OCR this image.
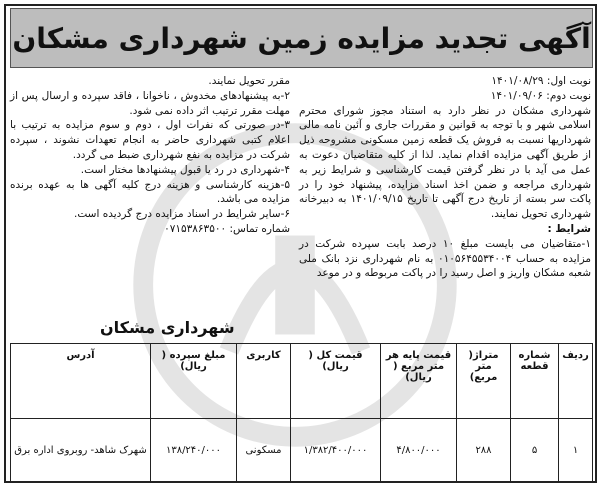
آگهی تجدید مزایده زمین شهرداری مشکان

نوبت اول: ۱۴۰۱/۰۸/۲۹

نوبت دوم: ۱۴۰۱/۰۹/۰۶

شهرداری مشکان در نظر دارد به استناد مجوز شورای محترم اسلامی شهر و با توجه به قوانین و مقررات جاری و آئین نامه مالی شهرداریها نسبت به فروش یک قطعه زمین مسکونی مشروحه ذیل از طریق آگهی مزایده اقدام نماید. لذا از کلیه متقاضیان دعوت به عمل می آید با در نظر گرفتن قیمت کارشناسی و شرایط زیر به شهرداری مراجعه و ضمن اخذ اسناد مزایده، پیشنهاد خود را در پاکت سر بسته از تاریخ درج آگهی تا تاریخ ۱۴۰۱/۰۹/۱۵ به دبیرخانه شهرداری تحویل نمایند.

شرایط :

۱-متقاضیان می بایست مبلغ ۱۰ درصد بابت سپرده شرکت در مزایده به حساب ۰۱۰۵۶۴۵۵۳۴۰۰۴ به نام شهرداری نزد بانک ملی شعبه مشکان واریز و اصل رسید را در پاکت مربوطه و در موعد

مقرر تحویل نمایند.

۲-به پیشنهادهای مخدوش ، ناخوانا ، فاقد سپرده و ارسال پس از مهلت مقرر ترتیب اثر داده نمی شود.

۳-در صورتی که نفرات اول ، دوم و سوم مزایده به ترتیب با اعلام کتبی شهرداری حاضر به انجام تعهدات نشوند ، سپرده شرکت در مزایده به نفع شهرداری ضبط می گردد.

۴-شهرداری در رد یا قبول پیشنهادها مختار است.

۵-هزینه کارشناسی و هزینه درج کلیه آگهی ها به عهده برنده مزایده می باشد.

۶-سایر شرایط در اسناد مزایده درج گردیده است.

شماره تماس: ۰۷۱۵۳۸۶۳۵۰۰

شهرداری مشکان
ردیف	شماره قطعه	متراژ( متر مربع)	قیمت پایه هر متر مربع ( ریال)	قیمت کل ( ریال)	کاربری	مبلغ سپرده ( ریال)	آدرس
۱	۵	۲۸۸	۴/۸۰۰/۰۰۰	۱/۳۸۲/۴۰۰/۰۰۰	مسکونی	۱۳۸/۲۴۰/۰۰۰	شهرک شاهد- روبروی اداره برق
